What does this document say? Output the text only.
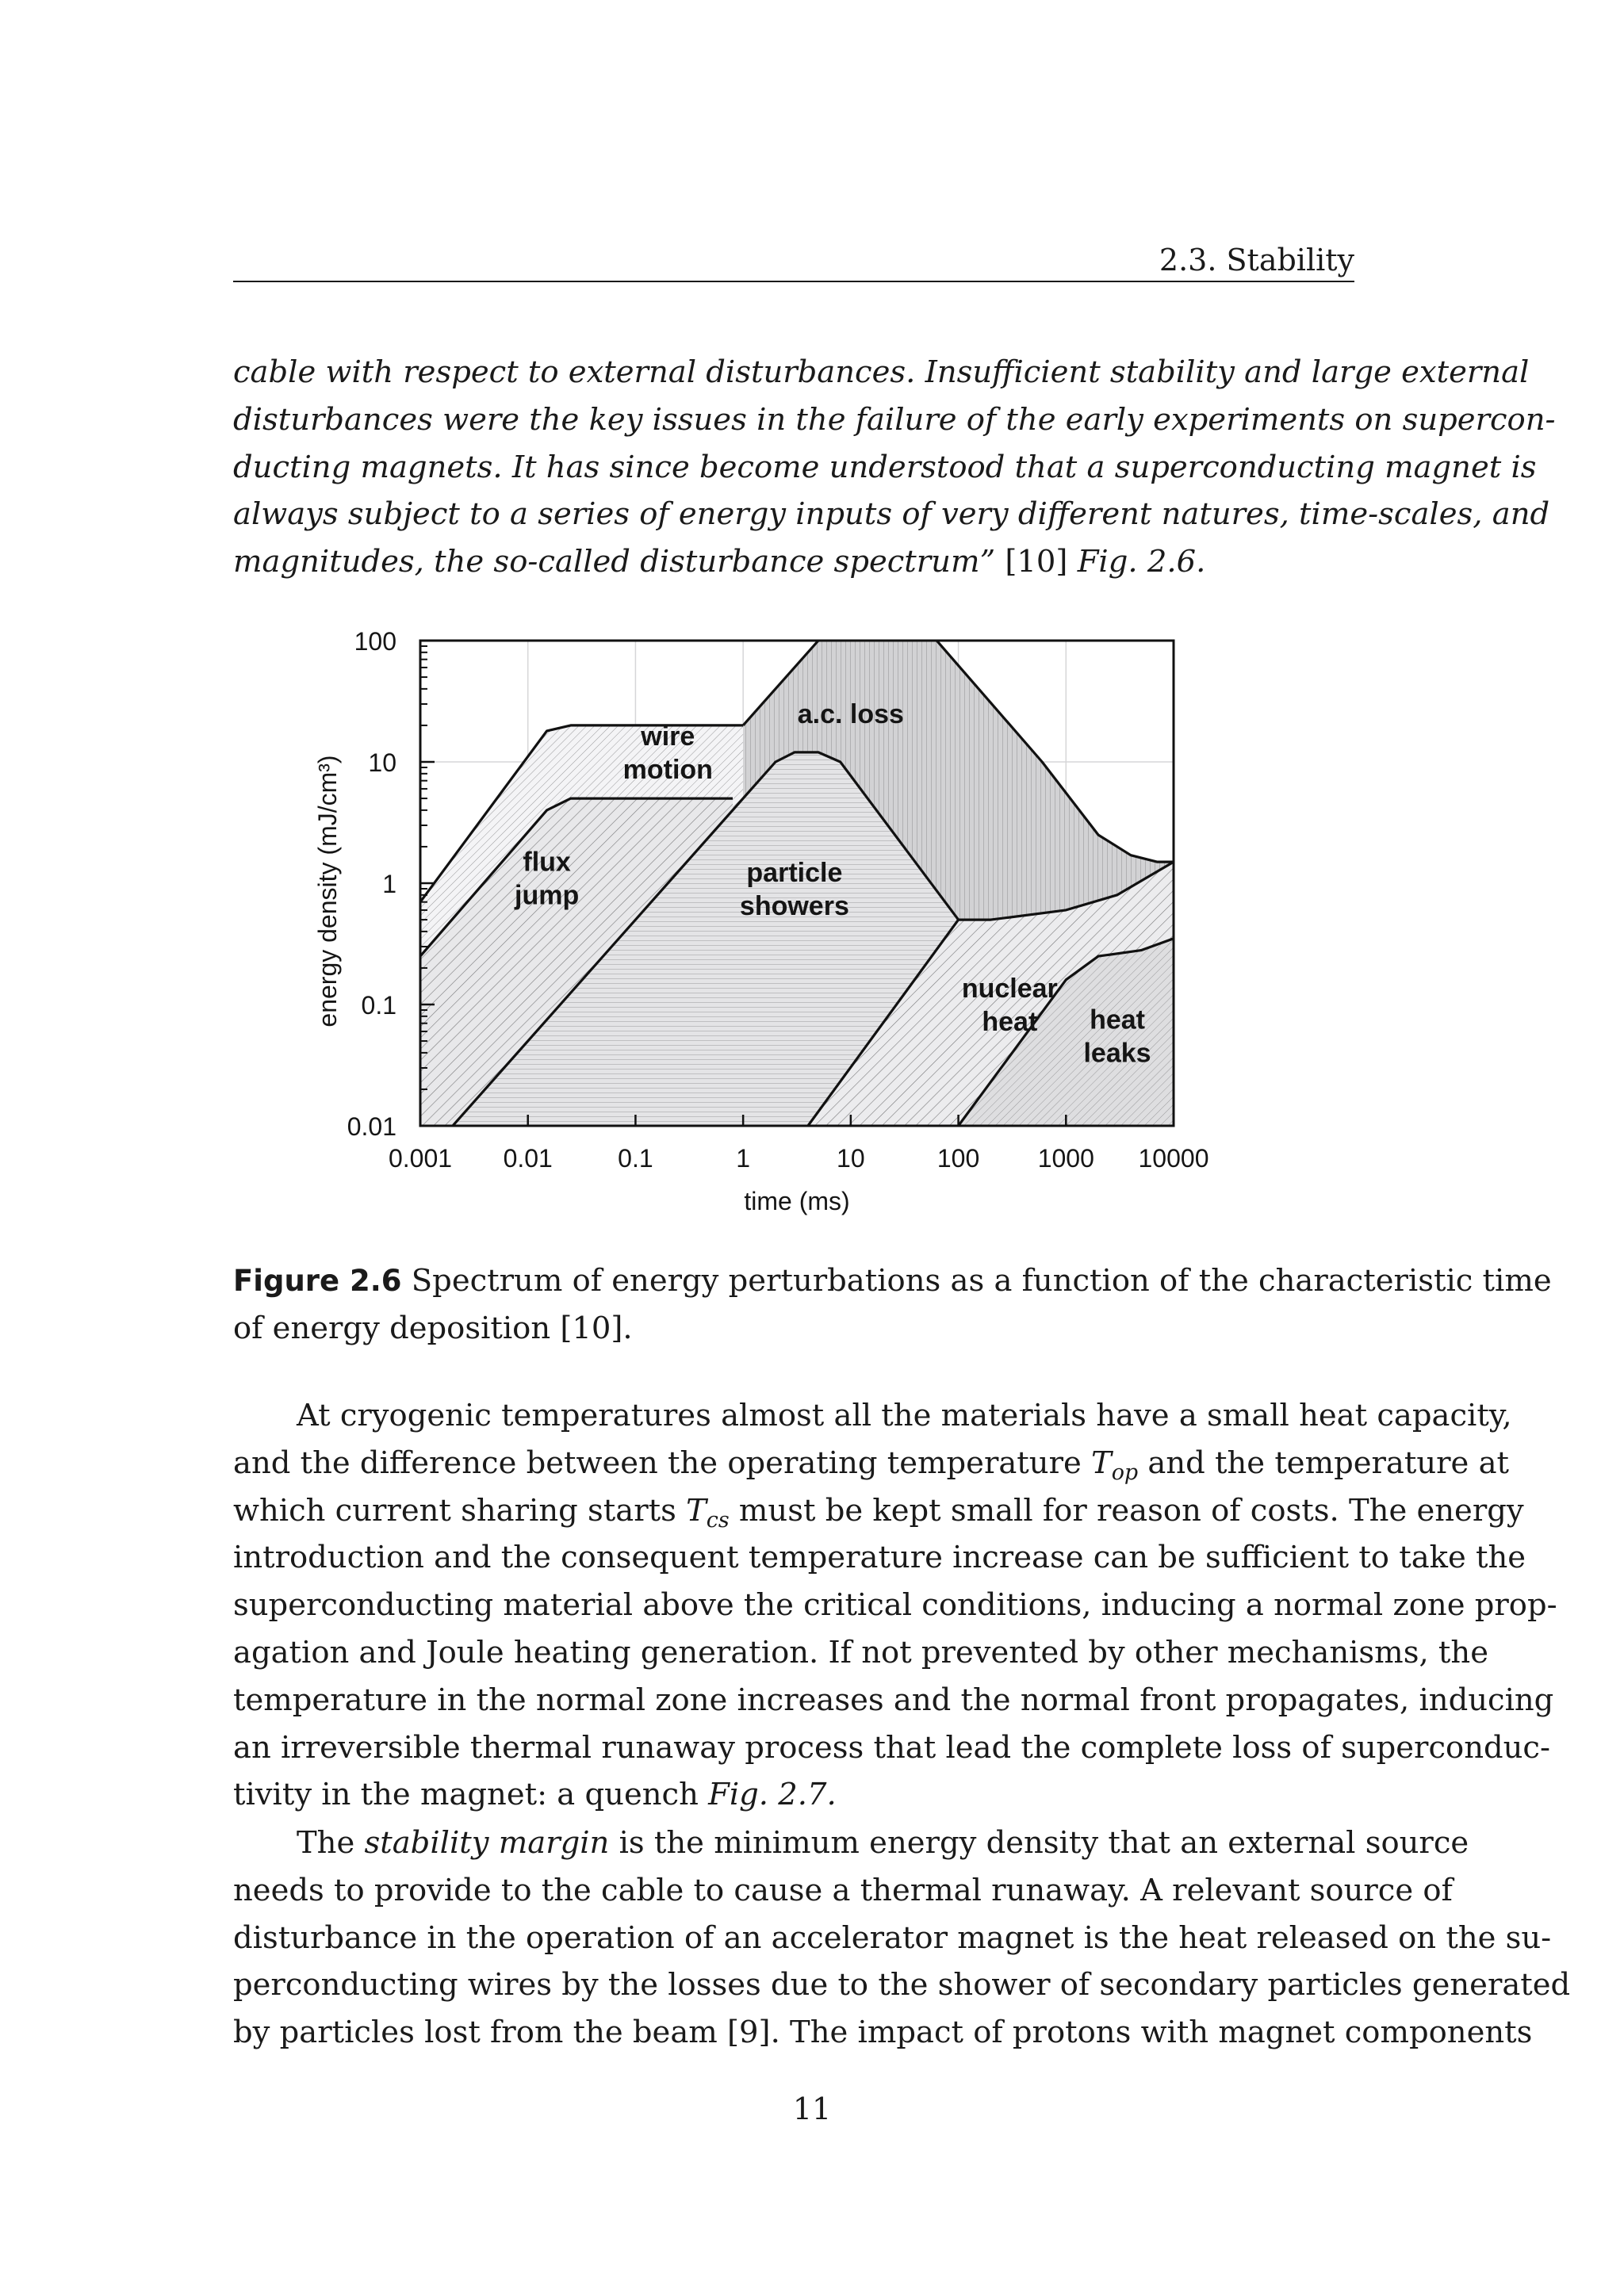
2.3. Stability
cable with respect to external disturbances. Insufficient stability and large external
disturbances were the key issues in the failure of the early experiments on supercon-
ducting magnets. It has since become understood that a superconducting magnet is
always subject to a series of energy inputs of very different natures, time-scales, and
magnitudes, the so-called disturbance spectrum” [10] Fig. 2.6.
wire
motion
flux
jump
a.c. loss
particle
showers
nuclear
heat heat
leaks
0.01
0.1
1
10
100
0.001 0.01	0.1	1	10	100 1000 10000
time (ms)
energy density (mJ/cm³)
Figure 2.6 Spectrum of energy perturbations as a function of the characteristic time
of energy deposition [10].
At cryogenic temperatures almost all the materials have a small heat capacity,
and the difference between the operating temperature $T_{op}$ and the temperature at
which current sharing starts $T_{cs}$ must be kept small for reason of costs. The energy
introduction and the consequent temperature increase can be sufficient to take the
superconducting material above the critical conditions, inducing a normal zone prop-
agation and Joule heating generation. If not prevented by other mechanisms, the
temperature in the normal zone increases and the normal front propagates, inducing
an irreversible thermal runaway process that lead the complete loss of superconduс-
tivity in the magnet: a quench Fig. 2.7.
The stability margin is the minimum energy density that an external source
needs to provide to the cable to cause a thermal runaway. A relevant source of
disturbance in the operation of an accelerator magnet is the heat released on the su-
perconducting wires by the losses due to the shower of secondary particles generated
by particles lost from the beam [9]. The impact of protons with magnet components
11
